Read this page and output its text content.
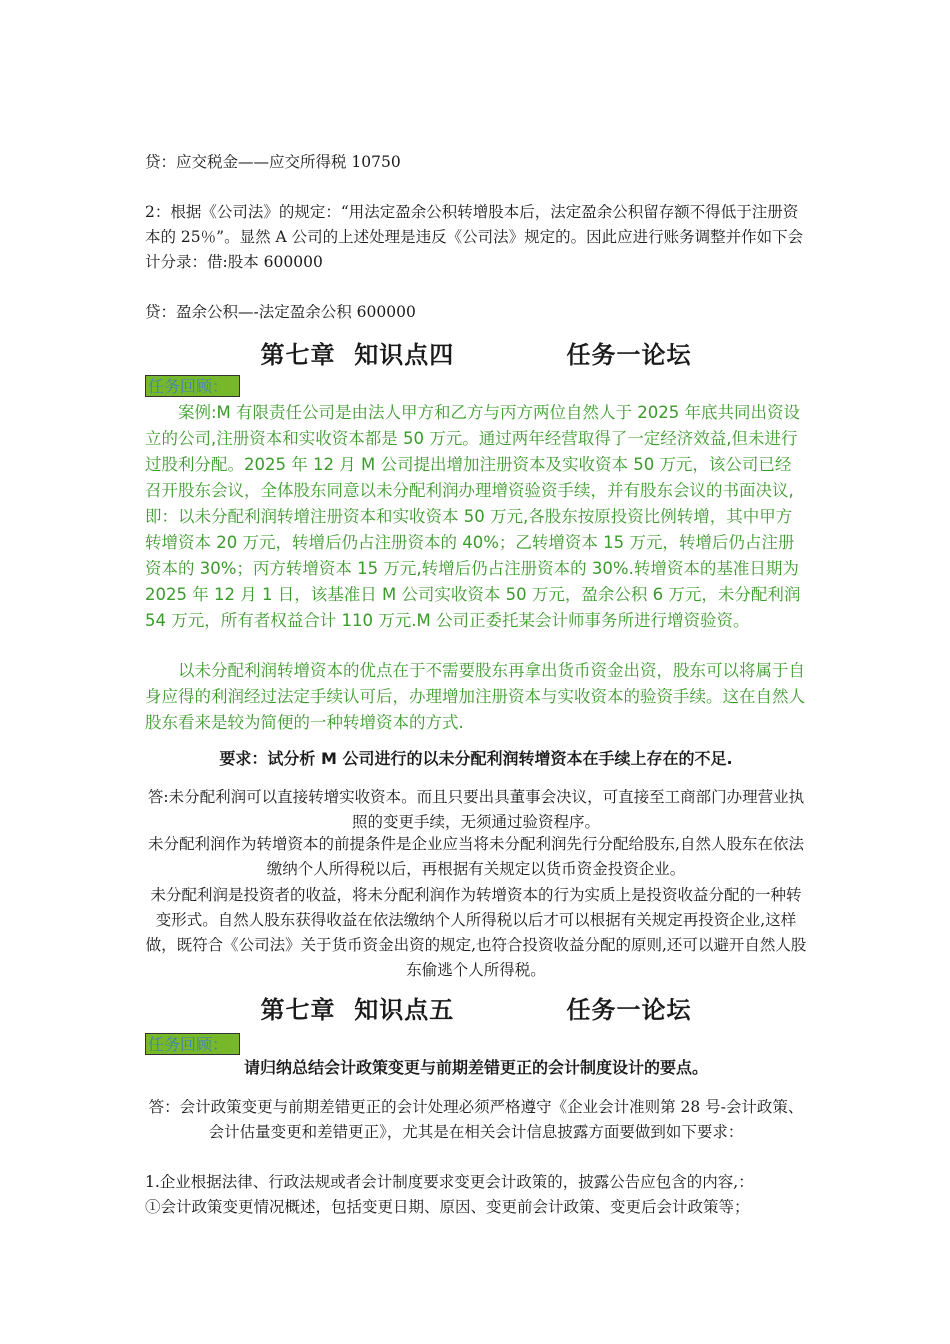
贷：应交税金——应交所得税 10750

2：根据《公司法》的规定：“用法定盈余公积转增股本后，法定盈余公积留存额不得低于注册资本的 25％”。显然 A 公司的上述处理是违反《公司法》规定的。因此应进行账务调整并作如下会计分录：借:股本 600000

贷：盈余公积—-法定盈余公积 600000

第七章  知识点四            任务一论坛
任务回顾：

案例:M 有限责任公司是由法人甲方和乙方与丙方两位自然人于 2025 年底共同出资设立的公司,注册资本和实收资本都是 50 万元。通过两年经营取得了一定经济效益,但未进行过股利分配。2025 年 12 月 M 公司提出增加注册资本及实收资本 50 万元，该公司已经召开股东会议，全体股东同意以未分配利润办理增资验资手续，并有股东会议的书面决议,即：以未分配利润转增注册资本和实收资本 50 万元,各股东按原投资比例转增，其中甲方转增资本 20 万元，转增后仍占注册资本的 40%；乙转增资本 15 万元，转增后仍占注册资本的 30%；丙方转增资本 15 万元,转增后仍占注册资本的 30%.转增资本的基准日期为 2025 年 12 月 1 日，该基准日 M 公司实收资本 50 万元，盈余公积 6 万元，未分配利润 54 万元，所有者权益合计 110 万元.M 公司正委托某会计师事务所进行增资验资。

以未分配利润转增资本的优点在于不需要股东再拿出货币资金出资，股东可以将属于自身应得的利润经过法定手续认可后，办理增加注册资本与实收资本的验资手续。这在自然人股东看来是较为简便的一种转增资本的方式.

要求：试分析 M 公司进行的以未分配利润转增资本在手续上存在的不足.

答:未分配利润可以直接转增实收资本。而且只要出具董事会决议，可直接至工商部门办理营业执照的变更手续，无须通过验资程序。

未分配利润作为转增资本的前提条件是企业应当将未分配利润先行分配给股东,自然人股东在依法缴纳个人所得税以后，再根据有关规定以货币资金投资企业。

未分配利润是投资者的收益，将未分配利润作为转增资本的行为实质上是投资收益分配的一种转变形式。自然人股东获得收益在依法缴纳个人所得税以后才可以根据有关规定再投资企业,这样做，既符合《公司法》关于货币资金出资的规定,也符合投资收益分配的原则,还可以避开自然人股东偷逃个人所得税。

第七章  知识点五            任务一论坛
任务回顾：

请归纳总结会计政策变更与前期差错更正的会计制度设计的要点。

答：会计政策变更与前期差错更正的会计处理必须严格遵守《企业会计准则第 28 号-会计政策、会计估量变更和差错更正》，尤其是在相关会计信息披露方面要做到如下要求：

1.企业根据法律、行政法规或者会计制度要求变更会计政策的，披露公告应包含的内容,：

①会计政策变更情况概述，包括变更日期、原因、变更前会计政策、变更后会计政策等；
